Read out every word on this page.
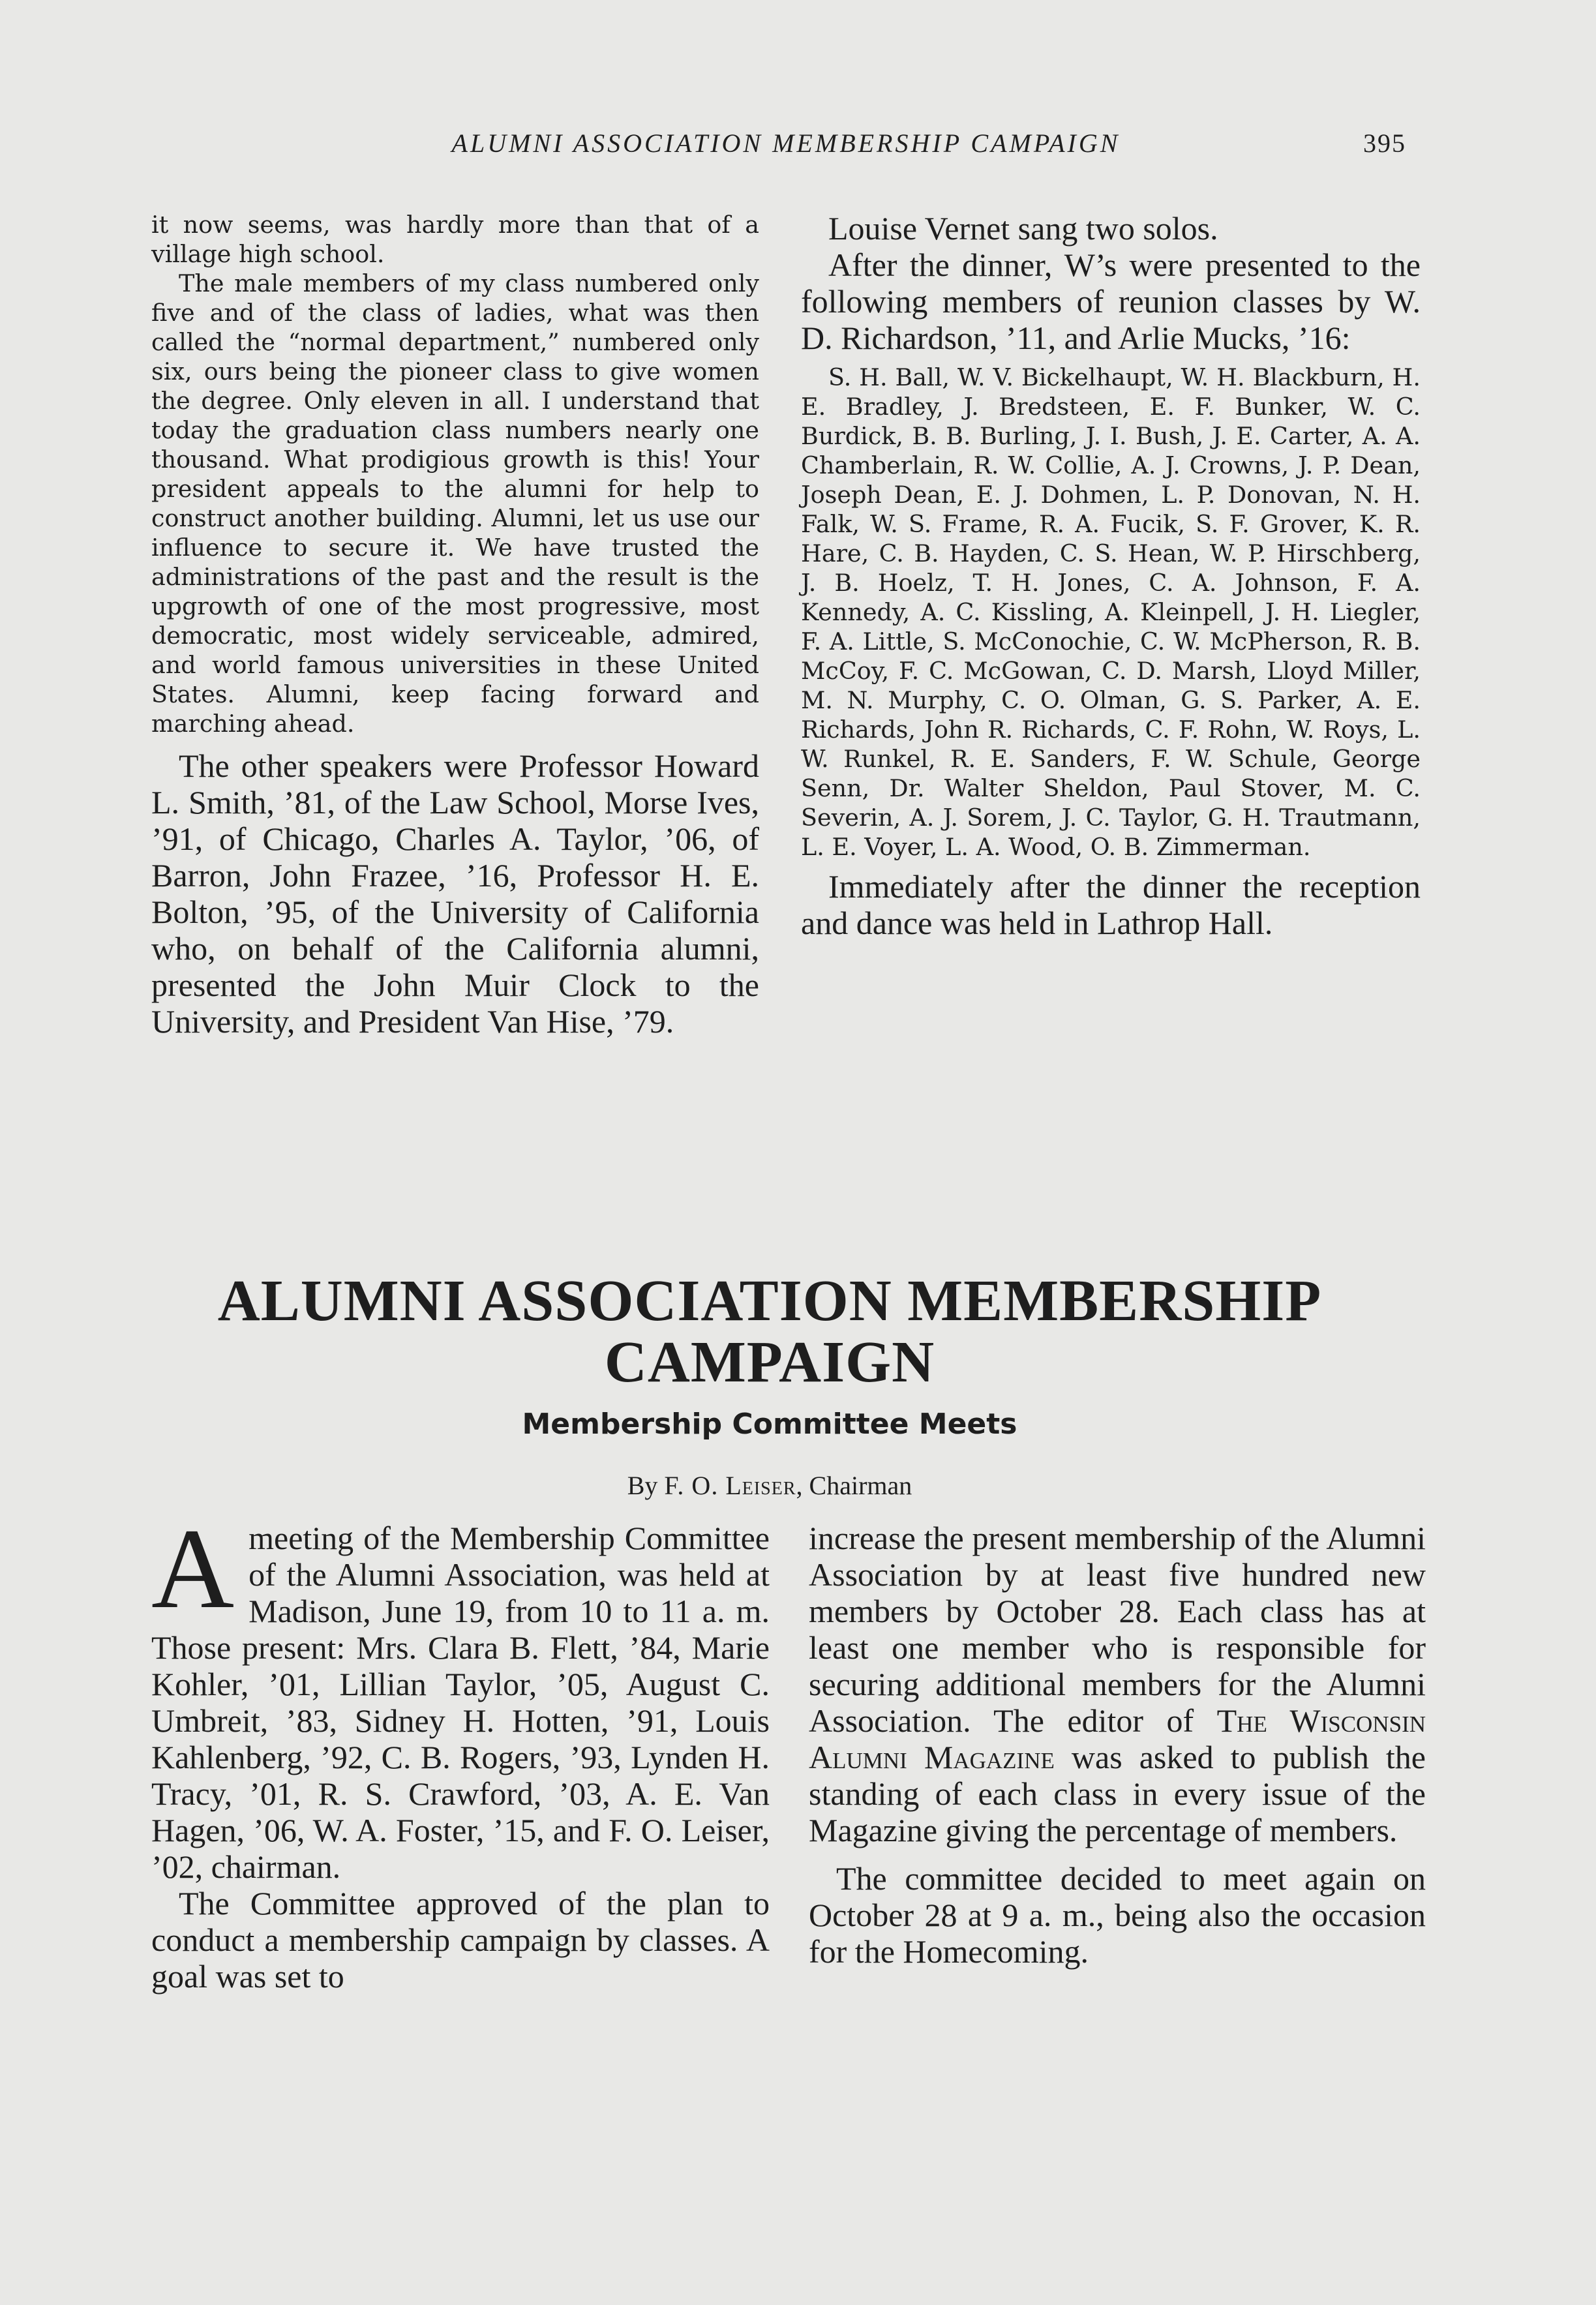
ALUMNI ASSOCIATION MEMBERSHIP CAMPAIGN	395

it now seems, was hardly more than that of a village high school.

The male members of my class numbered only five and of the class of ladies, what was then called the “normal department,” numbered only six, ours being the pioneer class to give women the degree. Only eleven in all. I understand that today the graduation class numbers nearly one thousand. What prodigious growth is this! Your president appeals to the alumni for help to construct another building. Alumni, let us use our influence to secure it. We have trusted the administrations of the past and the result is the upgrowth of one of the most progressive, most democratic, most widely serviceable, admired, and world famous universities in these United States. Alumni, keep facing forward and marching ahead.

The other speakers were Professor Howard L. Smith, ’81, of the Law School, Morse Ives, ’91, of Chicago, Charles A. Taylor, ’06, of Barron, John Frazee, ’16, Professor H. E. Bolton, ’95, of the University of California who, on behalf of the California alumni, presented the John Muir Clock to the University, and President Van Hise, ’79.

Louise Vernet sang two solos.

After the dinner, W’s were presented to the following members of reunion classes by W. D. Richardson, ’11, and Arlie Mucks, ’16:

S. H. Ball, W. V. Bickelhaupt, W. H. Blackburn, H. E. Bradley, J. Bredsteen, E. F. Bunker, W. C. Burdick, B. B. Burling, J. I. Bush, J. E. Carter, A. A. Chamberlain, R. W. Collie, A. J. Crowns, J. P. Dean, Joseph Dean, E. J. Dohmen, L. P. Donovan, N. H. Falk, W. S. Frame, R. A. Fucik, S. F. Grover, K. R. Hare, C. B. Hayden, C. S. Hean, W. P. Hirschberg, J. B. Hoelz, T. H. Jones, C. A. Johnson, F. A. Kennedy, A. C. Kissling, A. Kleinpell, J. H. Liegler, F. A. Little, S. McConochie, C. W. McPherson, R. B. McCoy, F. C. McGowan, C. D. Marsh, Lloyd Miller, M. N. Murphy, C. O. Olman, G. S. Parker, A. E. Richards, John R. Richards, C. F. Rohn, W. Roys, L. W. Runkel, R. E. Sanders, F. W. Schule, George Senn, Dr. Walter Sheldon, Paul Stover, M. C. Severin, A. J. Sorem, J. C. Taylor, G. H. Trautmann, L. E. Voyer, L. A. Wood, O. B. Zimmerman.

Immediately after the dinner the reception and dance was held in Lathrop Hall.

ALUMNI ASSOCIATION MEMBERSHIP CAMPAIGN
Membership Committee Meets
By F. O. Leiser, Chairman

Ameeting of the Membership Committee of the Alumni Association, was held at Madison, June 19, from 10 to 11 a. m. Those present: Mrs. Clara B. Flett, ’84, Marie Kohler, ’01, Lillian Taylor, ’05, August C. Umbreit, ’83, Sidney H. Hotten, ’91, Louis Kahlenberg, ’92, C. B. Rogers, ’93, Lynden H. Tracy, ’01, R. S. Crawford, ’03, A. E. Van Hagen, ’06, W. A. Foster, ’15, and F. O. Leiser, ’02, chairman.

The Committee approved of the plan to conduct a membership campaign by classes. A goal was set to

increase the present membership of the Alumni Association by at least five hundred new members by October 28. Each class has at least one member who is responsible for securing additional members for the Alumni Association. The editor of The Wisconsin Alumni Magazine was asked to publish the standing of each class in every issue of the Magazine giving the percentage of members.

The committee decided to meet again on October 28 at 9 a. m., being also the occasion for the Homecoming.
